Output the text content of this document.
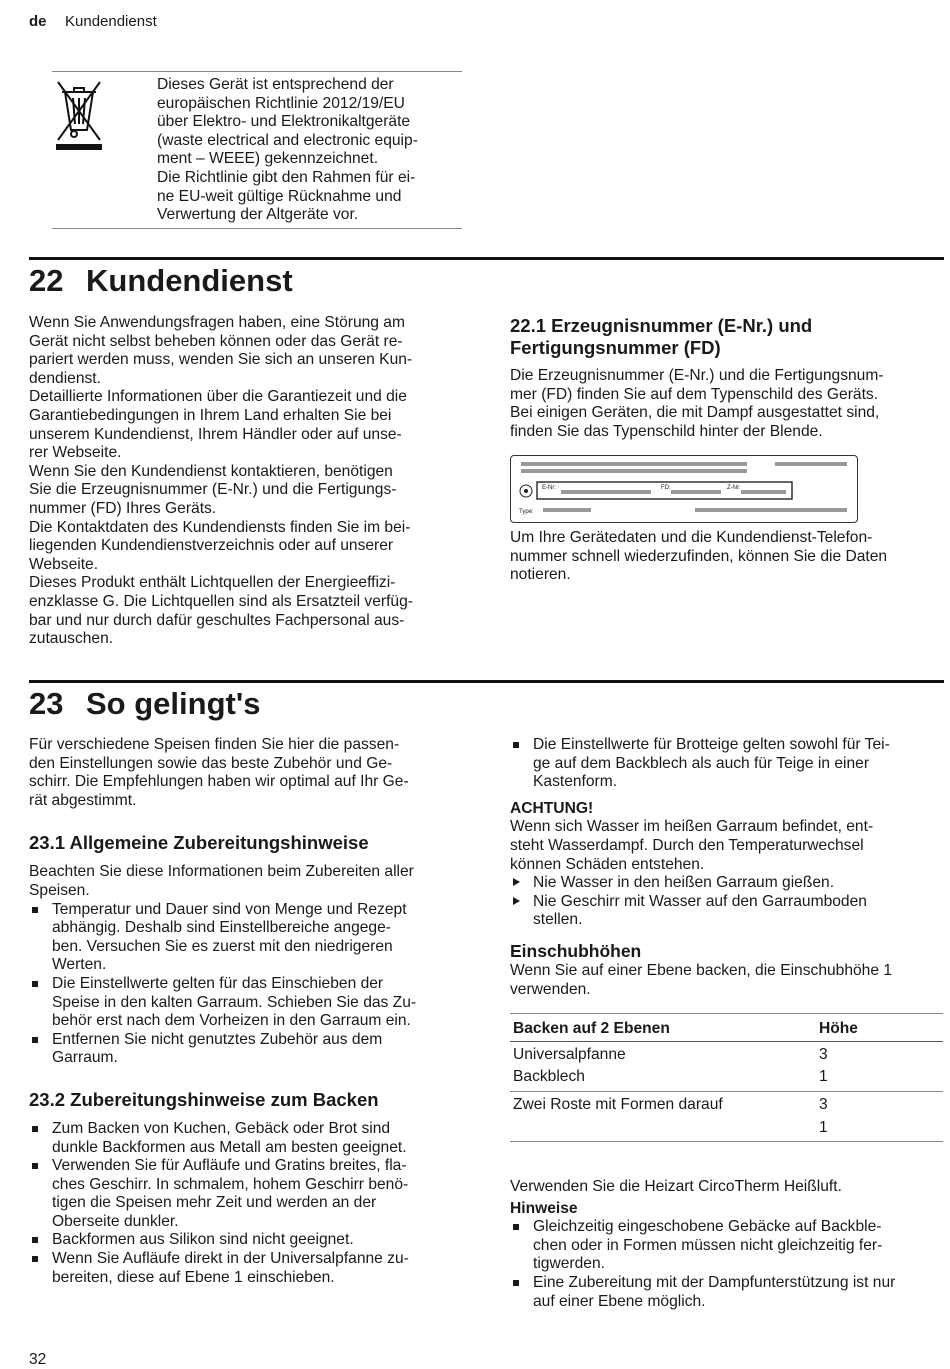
de Kundendienst

Dieses Gerät ist entsprechend der

europäischen Richtlinie 2012/19/EU

über Elektro- und Elektronikaltgeräte

(waste electrical and electronic equip-

ment – WEEE) gekennzeichnet.

Die Richtlinie gibt den Rahmen für ei-

ne EU-weit gültige Rücknahme und

Verwertung der Altgeräte vor.

22 Kundendienst

Wenn Sie Anwendungsfragen haben, eine Störung am

Gerät nicht selbst beheben können oder das Gerät re-

pariert werden muss, wenden Sie sich an unseren Kun-

dendienst.

Detaillierte Informationen über die Garantiezeit und die

Garantiebedingungen in Ihrem Land erhalten Sie bei

unserem Kundendienst, Ihrem Händler oder auf unse-

rer Webseite.

Wenn Sie den Kundendienst kontaktieren, benötigen

Sie die Erzeugnisnummer (E-Nr.) und die Fertigungs-

nummer (FD) Ihres Geräts.

Die Kontaktdaten des Kundendiensts finden Sie im bei-

liegenden Kundendienstverzeichnis oder auf unserer

Webseite.

Dieses Produkt enthält Lichtquellen der Energieeffizi-

enzklasse G. Die Lichtquellen sind als Ersatzteil verfüg-

bar und nur durch dafür geschultes Fachpersonal aus-

zutauschen.

22.1 Erzeugnisnummer (E-Nr.) und
Fertigungsnummer (FD)

Die Erzeugnisnummer (E-Nr.) und die Fertigungsnum-

mer (FD) finden Sie auf dem Typenschild des Geräts.

Bei einigen Geräten, die mit Dampf ausgestattet sind,

finden Sie das Typenschild hinter der Blende.

E-Nr:	FD:	Z-Nr:
Type:

Um Ihre Gerätedaten und die Kundendienst-Telefon-

nummer schnell wiederzufinden, können Sie die Daten

notieren.

23 So gelingt's

Für verschiedene Speisen finden Sie hier die passen-

den Einstellungen sowie das beste Zubehör und Ge-

schirr. Die Empfehlungen haben wir optimal auf Ihr Ge-

rät abgestimmt.

23.1 Allgemeine Zubereitungshinweise

Beachten Sie diese Informationen beim Zubereiten aller

Speisen.

Temperatur und Dauer sind von Menge und Rezept
abhängig. Deshalb sind Einstellbereiche angege-
ben. Versuchen Sie es zuerst mit den niedrigeren
Werten.
Die Einstellwerte gelten für das Einschieben der
Speise in den kalten Garraum. Schieben Sie das Zu-
behör erst nach dem Vorheizen in den Garraum ein.
Entfernen Sie nicht genutztes Zubehör aus dem
Garraum.
23.2 Zubereitungshinweise zum Backen
Zum Backen von Kuchen, Gebäck oder Brot sind
dunkle Backformen aus Metall am besten geeignet.
Verwenden Sie für Aufläufe und Gratins breites, fla-
ches Geschirr. In schmalem, hohem Geschirr benö-
tigen die Speisen mehr Zeit und werden an der
Oberseite dunkler.
Backformen aus Silikon sind nicht geeignet.
Wenn Sie Aufläufe direkt in der Universalpfanne zu-
bereiten, diese auf Ebene 1 einschieben.
Die Einstellwerte für Brotteige gelten sowohl für Tei-
ge auf dem Backblech als auch für Teige in einer
Kastenform.

ACHTUNG!

Wenn sich Wasser im heißen Garraum befindet, ent-

steht Wasserdampf. Durch den Temperaturwechsel

können Schäden entstehen.

Nie Wasser in den heißen Garraum gießen.
Nie Geschirr mit Wasser auf den Garraumboden
stellen.
Einschubhöhen

Wenn Sie auf einer Ebene backen, die Einschubhöhe 1

verwenden.

Backen auf 2 Ebenen	Höhe
Universalpfanne	3
Backblech	1
Zwei Roste mit Formen darauf	3
	1

Verwenden Sie die Heizart CircoTherm Heißluft.

Hinweise

Gleichzeitig eingeschobene Gebäcke auf Backble-
chen oder in Formen müssen nicht gleichzeitig fer-
tigwerden.
Eine Zubereitung mit der Dampfunterstützung ist nur
auf einer Ebene möglich.
32
